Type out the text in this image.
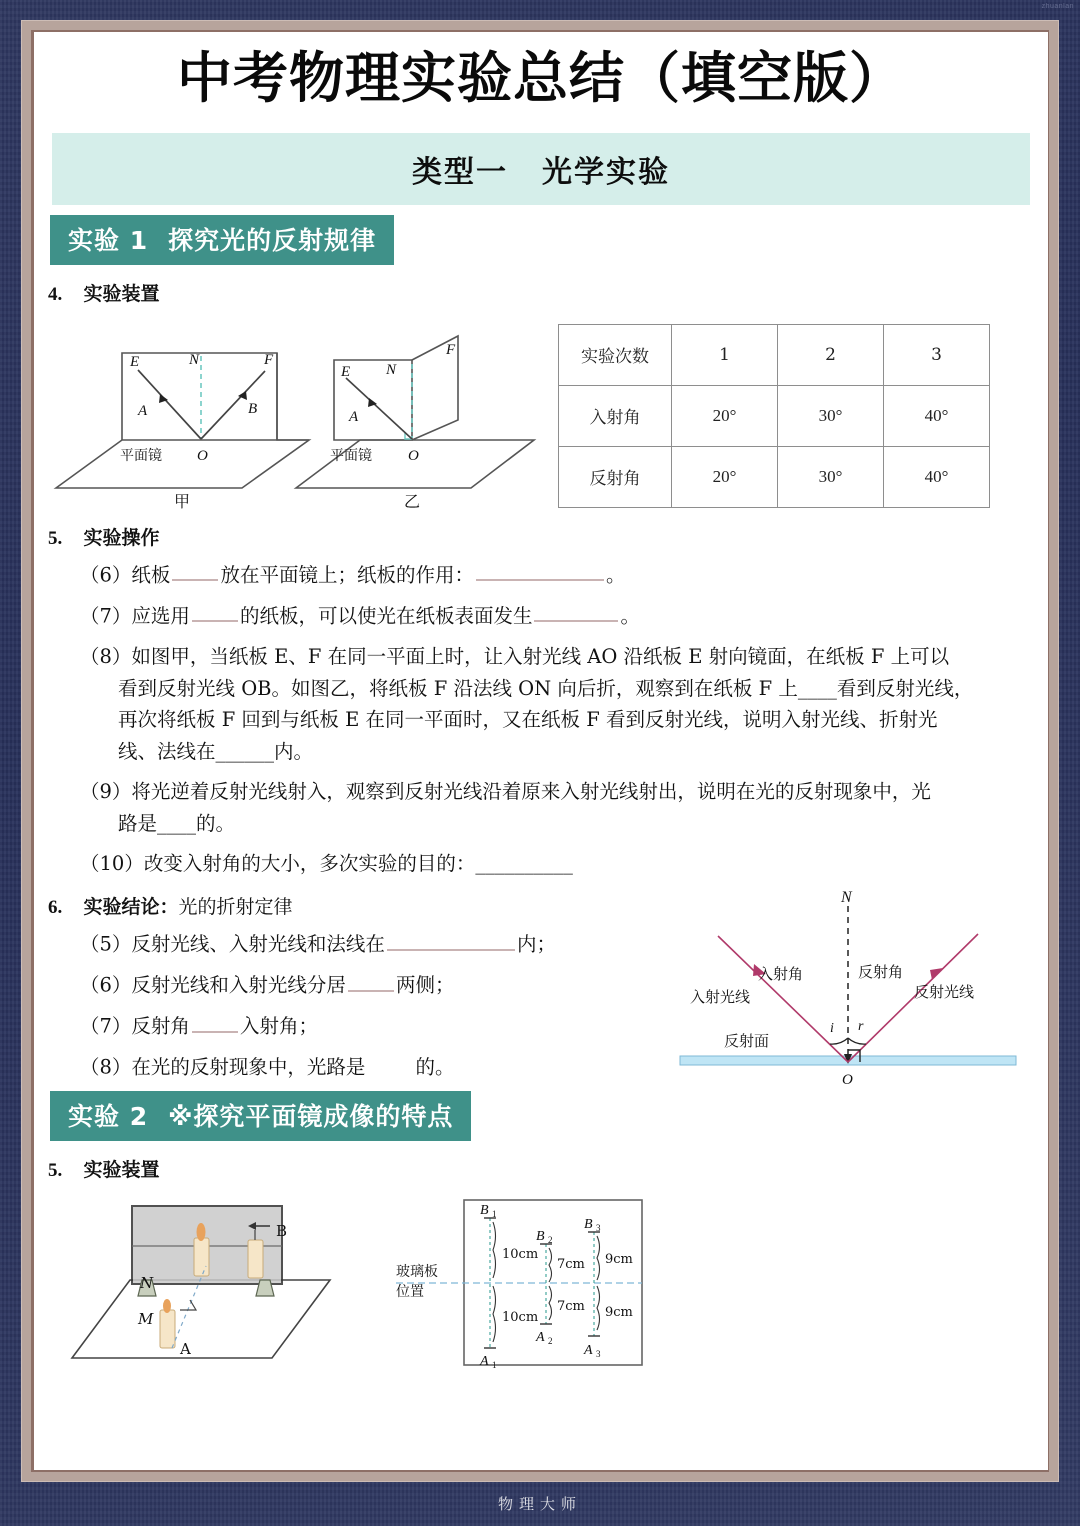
zhuanlan
物理大师
中考物理实验总结（填空版）
类型一 光学实验
实验 1 探究光的反射规律
4. 实验装置
E	N	F
A	B
O
平面镜
甲
E N
F
A
O
平面镜
乙
实验次数	1	2	3
入射角	20°	30°	40°
反射角	20°	30°	40°
5. 实验操作
（6）纸板	放在平面镜上；纸板的作用：	。
（7）应选用	的纸板，可以使光在纸板表面发生	。
（8）如图甲，当纸板 E、F 在同一平面上时，让入射光线 AO 沿纸板 E 射向镜面，在纸板 F 上可以
看到反射光线 OB。如图乙，将纸板 F 沿法线 ON 向后折，观察到在纸板 F 上____看到反射光线，
再次将纸板 F 回到与纸板 E 在同一平面时，又在纸板 F 看到反射光线，说明入射光线、折射光
线、法线在______内。
（9）将光逆着反射光线射入，观察到反射光线沿着原来入射光线射出，说明在光的反射现象中，光
路是____的。
（10）改变入射角的大小，多次实验的目的：__________
6. 实验结论：光的折射定律
（5）反射光线、入射光线和法线在	内；
（6）反射光线和入射光线分居	两侧；
（7）反射角	入射角；
（8）在光的反射现象中，光路是	的。
N
入射光线
入射角	反射角
反射光线
反射面
i r
O
实验 2 ※探究平面镜成像的特点
5. 实验装置
N
M
A
B
玻璃板
位置
10cm
10cm
B 1
A 1
7cm
7cm
B 2
A 2
9cm
9cm
B 3
A 3
